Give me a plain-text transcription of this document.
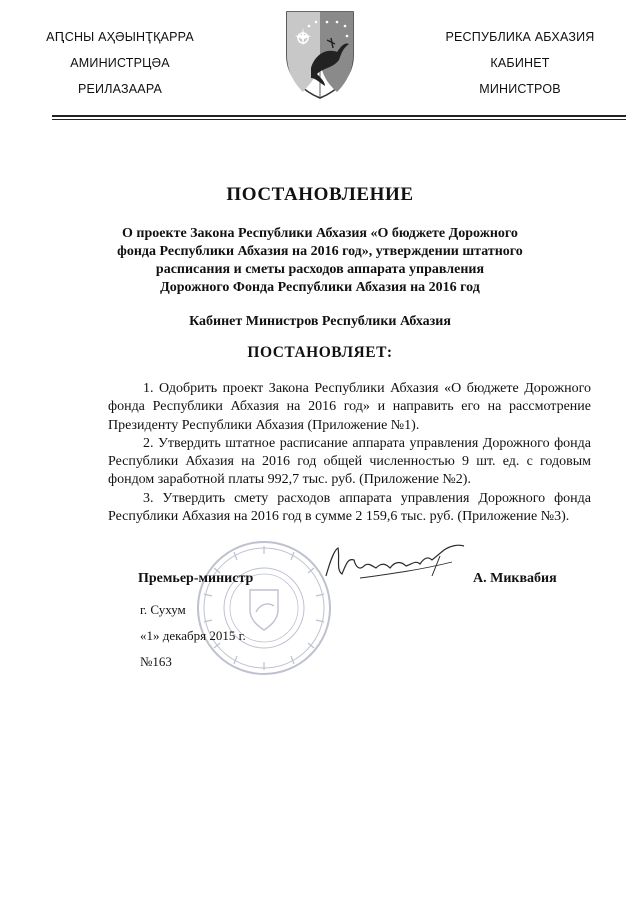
АԤСНЫ АҲӘЫНҬҚАРРА
АМИНИСТРЦӘА
РЕИЛАЗААРА
РЕСПУБЛИКА АБХАЗИЯ
КАБИНЕТ
МИНИСТРОВ
ПОСТАНОВЛЕНИЕ
О проекте Закона Республики Абхазия «О бюджете Дорожного
фонда Республики Абхазия на 2016 год», утверждении штатного
расписания и сметы расходов аппарата управления
Дорожного Фонда Республики Абхазия на 2016 год
Кабинет Министров Республики Абхазия
ПОСТАНОВЛЯЕТ:

1. Одобрить проект Закона Республики Абхазия «О бюджете Дорожного фонда Республики Абхазия на 2016 год» и направить его на рассмотрение Президенту Республики Абхазия (Приложение №1).

2. Утвердить штатное расписание аппарата управления Дорожного фонда Республики Абхазия на 2016 год общей численностью 9 шт. ед. с годовым фондом заработной платы 992,7 тыс. руб. (Приложение №2).

3. Утвердить смету расходов аппарата управления Дорожного фонда Республики Абхазия на 2016 год в сумме 2 159,6 тыс. руб. (Приложение №3).

Премьер-министр	А. Миквабия
г. Сухум
«1» декабря 2015 г.
№163
